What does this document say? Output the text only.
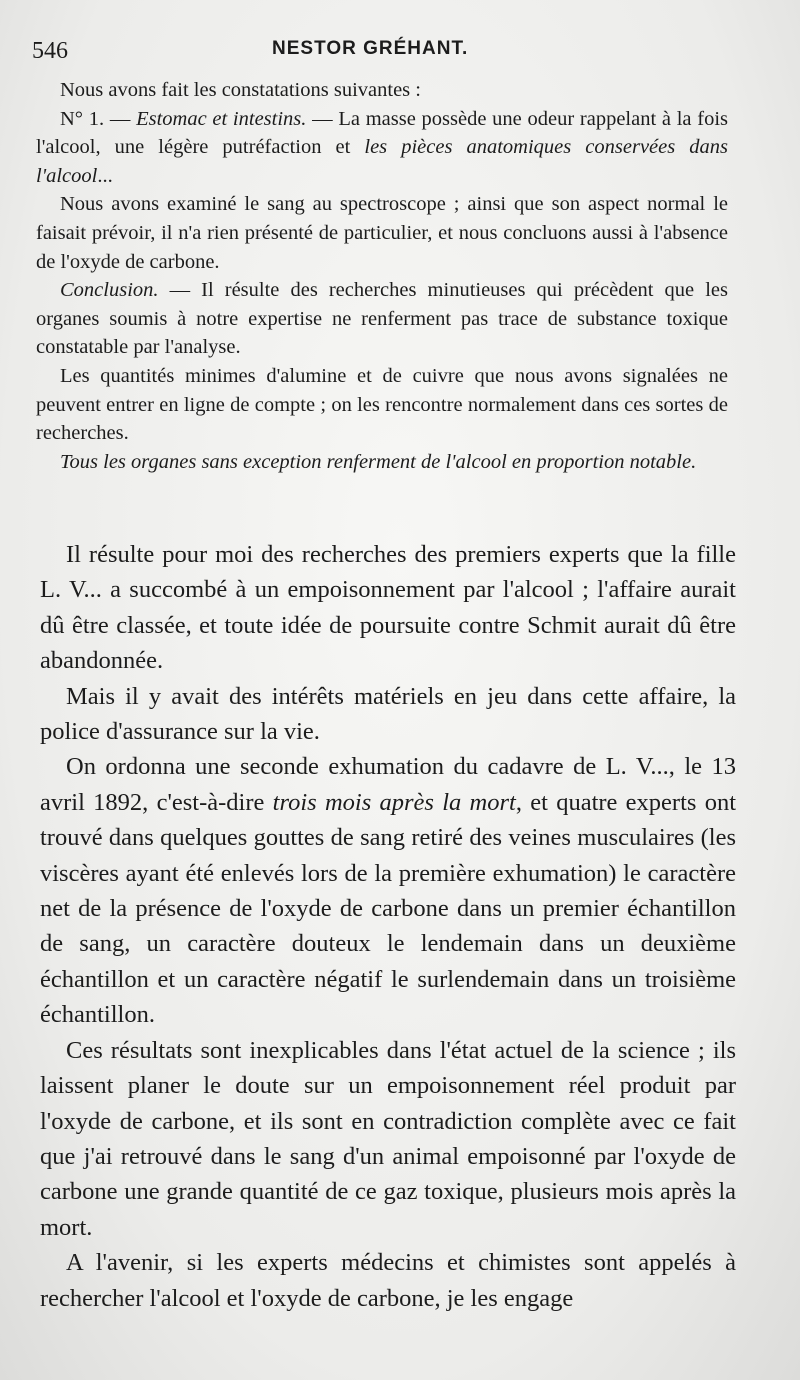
546	NESTOR GRÉHANT.

Nous avons fait les constatations suivantes :

N° 1. — Estomac et intestins. — La masse possède une odeur rappelant à la fois l'alcool, une légère putréfaction et les pièces anatomiques conservées dans l'alcool...

Nous avons examiné le sang au spectroscope ; ainsi que son aspect normal le faisait prévoir, il n'a rien présenté de particulier, et nous concluons aussi à l'absence de l'oxyde de carbone.

Conclusion. — Il résulte des recherches minutieuses qui précèdent que les organes soumis à notre expertise ne renferment pas trace de substance toxique constatable par l'analyse.

Les quantités minimes d'alumine et de cuivre que nous avons signalées ne peuvent entrer en ligne de compte ; on les rencontre normalement dans ces sortes de recherches.

Tous les organes sans exception renferment de l'alcool en proportion notable.

Il résulte pour moi des recherches des premiers experts que la fille L. V... a succombé à un empoisonnement par l'alcool ; l'affaire aurait dû être classée, et toute idée de poursuite contre Schmit aurait dû être abandonnée.

Mais il y avait des intérêts matériels en jeu dans cette affaire, la police d'assurance sur la vie.

On ordonna une seconde exhumation du cadavre de L. V..., le 13 avril 1892, c'est-à-dire trois mois après la mort, et quatre experts ont trouvé dans quelques gouttes de sang retiré des veines musculaires (les viscères ayant été enlevés lors de la première exhumation) le caractère net de la présence de l'oxyde de carbone dans un premier échantillon de sang, un caractère douteux le lendemain dans un deuxième échantillon et un caractère négatif le surlendemain dans un troisième échantillon.

Ces résultats sont inexplicables dans l'état actuel de la science ; ils laissent planer le doute sur un empoisonnement réel produit par l'oxyde de carbone, et ils sont en contradiction complète avec ce fait que j'ai retrouvé dans le sang d'un animal empoisonné par l'oxyde de carbone une grande quantité de ce gaz toxique, plusieurs mois après la mort.

A l'avenir, si les experts médecins et chimistes sont appelés à rechercher l'alcool et l'oxyde de carbone, je les engage
